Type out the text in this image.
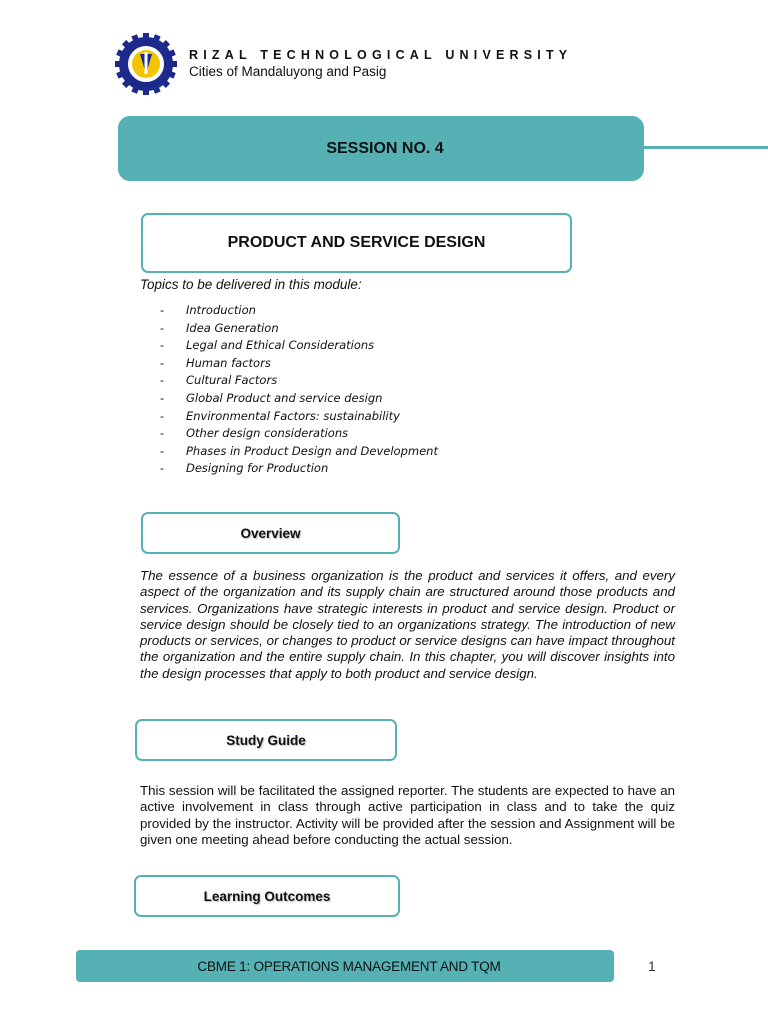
RIZAL TECHNOLOGICAL UNIVERSITY
Cities of Mandaluyong and Pasig
SESSION NO. 4
PRODUCT AND SERVICE DESIGN
Topics to be delivered in this module:
- Introduction
- Idea Generation
- Legal and Ethical Considerations
- Human factors
- Cultural Factors
- Global Product and service design
- Environmental Factors: sustainability
- Other design considerations
- Phases in Product Design and Development
- Designing for Production
Overview
The essence of a business organization is the product and services it offers, and every aspect of the organization and its supply chain are structured around those products and services. Organizations have strategic interests in product and service design. Product or service design should be closely tied to an organizations strategy. The introduction of new products or services, or changes to product or service designs can have impact throughout the organization and the entire supply chain. In this chapter, you will discover insights into the design processes that apply to both product and service design.
Study Guide
This session will be facilitated the assigned reporter. The students are expected to have an active involvement in class through active participation in class and to take the quiz provided by the instructor. Activity will be provided after the session and Assignment will be given one meeting ahead before conducting the actual session.
Learning Outcomes
CBME 1: OPERATIONS MANAGEMENT AND TQM	1
